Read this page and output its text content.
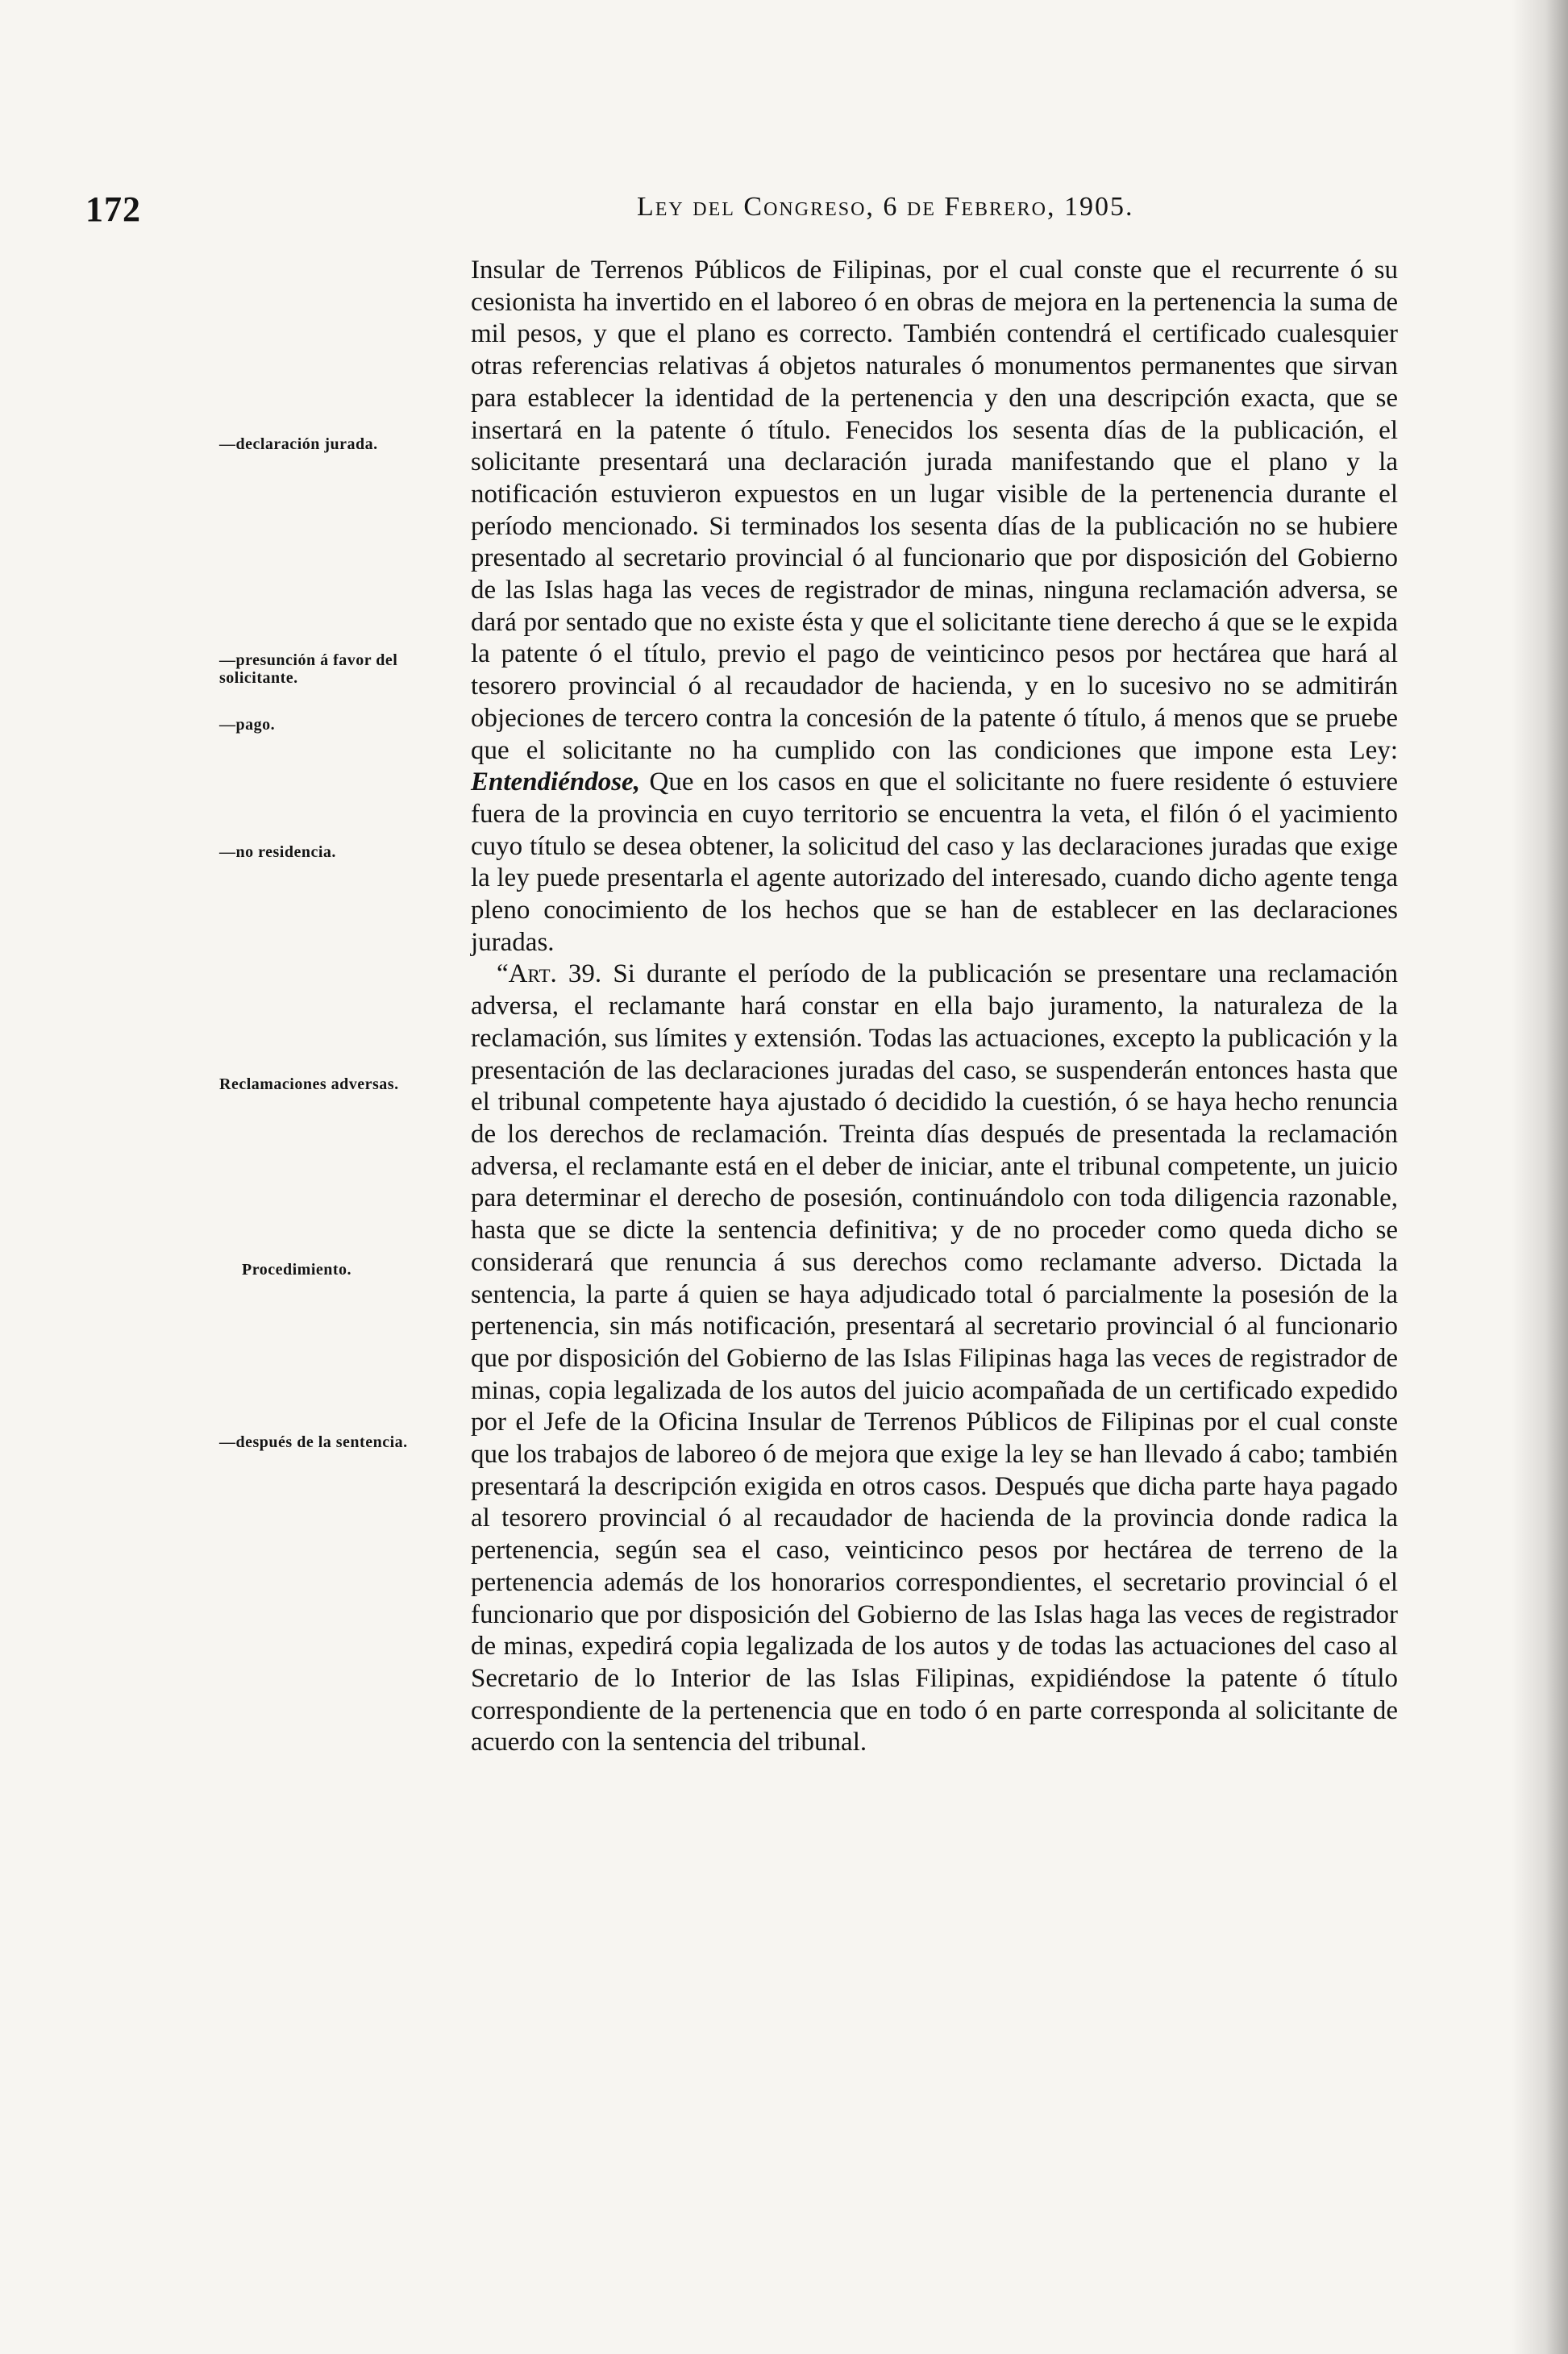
172	Ley del Congreso, 6 de Febrero, 1905.
—declaración jurada.
—presunción á favor del solicitante.
—pago.
—no residencia.
Reclamaciones adversas.
Procedimiento.
—después de la sentencia.

Insular de Terrenos Públicos de Filipinas, por el cual conste que el recurrente ó su cesionista ha invertido en el laboreo ó en obras de mejora en la pertenencia la suma de mil pesos, y que el plano es correcto. También contendrá el certificado cualesquier otras referencias relativas á objetos naturales ó monumentos permanentes que sirvan para establecer la identidad de la pertenencia y den una descripción exacta, que se insertará en la patente ó título. Fenecidos los sesenta días de la publicación, el solicitante presentará una declaración jurada manifestando que el plano y la notificación estuvieron expuestos en un lugar visible de la pertenencia durante el período mencionado. Si terminados los sesenta días de la publicación no se hubiere presentado al secretario provincial ó al funcionario que por disposición del Gobierno de las Islas haga las veces de registrador de minas, ninguna reclamación adversa, se dará por sentado que no existe ésta y que el solicitante tiene derecho á que se le expida la patente ó el título, previo el pago de veinticinco pesos por hectárea que hará al tesorero provincial ó al recaudador de hacienda, y en lo sucesivo no se admitirán objeciones de tercero contra la concesión de la patente ó título, á menos que se pruebe que el solicitante no ha cumplido con las condiciones que impone esta Ley: Entendiéndose, Que en los casos en que el solicitante no fuere residente ó estuviere fuera de la provincia en cuyo territorio se encuentra la veta, el filón ó el yacimiento cuyo título se desea obtener, la solicitud del caso y las declaraciones juradas que exige la ley puede presentarla el agente autorizado del interesado, cuando dicho agente tenga pleno conocimiento de los hechos que se han de establecer en las declaraciones juradas.

“Art. 39. Si durante el período de la publicación se presentare una reclamación adversa, el reclamante hará constar en ella bajo juramento, la naturaleza de la reclamación, sus límites y extensión. Todas las actuaciones, excepto la publicación y la presentación de las declaraciones juradas del caso, se suspenderán entonces hasta que el tribunal competente haya ajustado ó decidido la cuestión, ó se haya hecho renuncia de los derechos de reclamación. Treinta días después de presentada la reclamación adversa, el reclamante está en el deber de iniciar, ante el tribunal competente, un juicio para determinar el derecho de posesión, continuándolo con toda diligencia razonable, hasta que se dicte la sentencia definitiva; y de no proceder como queda dicho se considerará que renuncia á sus derechos como reclamante adverso. Dictada la sentencia, la parte á quien se haya adjudicado total ó parcialmente la posesión de la pertenencia, sin más notificación, presentará al secretario provincial ó al funcionario que por disposición del Gobierno de las Islas Filipinas haga las veces de registrador de minas, copia legalizada de los autos del juicio acompañada de un certificado expedido por el Jefe de la Oficina Insular de Terrenos Públicos de Filipinas por el cual conste que los trabajos de laboreo ó de mejora que exige la ley se han llevado á cabo; también presentará la descripción exigida en otros casos. Después que dicha parte haya pagado al tesorero provincial ó al recaudador de hacienda de la provincia donde radica la pertenencia, según sea el caso, veinticinco pesos por hectárea de terreno de la pertenencia además de los honorarios correspondientes, el secretario provincial ó el funcionario que por disposición del Gobierno de las Islas haga las veces de registrador de minas, expedirá copia legalizada de los autos y de todas las actuaciones del caso al Secretario de lo Interior de las Islas Filipinas, expidiéndose la patente ó título correspondiente de la pertenencia que en todo ó en parte corresponda al solicitante de acuerdo con la sentencia del tribunal.
